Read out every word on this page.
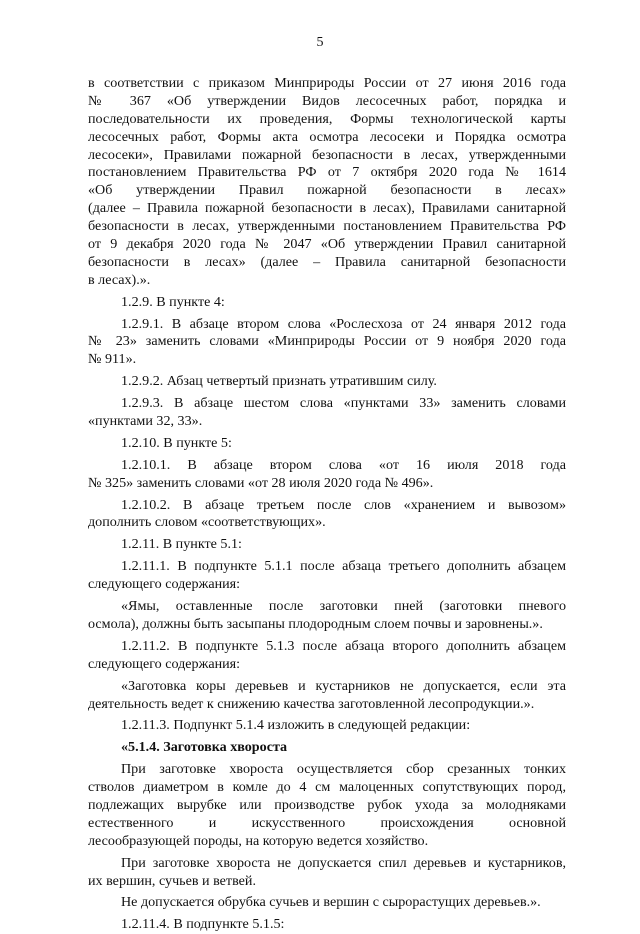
5
в соответствии с приказом Минприроды России от 27 июня 2016 года
№ 367 «Об утверждении Видов лесосечных работ, порядка и
последовательности их проведения, Формы технологической карты
лесосечных работ, Формы акта осмотра лесосеки и Порядка осмотра
лесосеки», Правилами пожарной безопасности в лесах, утвержденными
постановлением Правительства РФ от 7 октября 2020 года № 1614
«Об утверждении Правил пожарной безопасности в лесах»
(далее – Правила пожарной безопасности в лесах), Правилами санитарной
безопасности в лесах, утвержденными постановлением Правительства РФ
от 9 декабря 2020 года № 2047 «Об утверждении Правил санитарной
безопасности в лесах» (далее – Правила санитарной безопасности
в лесах).».
1.2.9. В пункте 4:
1.2.9.1. В абзаце втором слова «Рослесхоза от 24 января 2012 года
№ 23» заменить словами «Минприроды России от 9 ноября 2020 года
№ 911».
1.2.9.2. Абзац четвертый признать утратившим силу.
1.2.9.3. В абзаце шестом слова «пунктами 33» заменить словами
«пунктами 32, 33».
1.2.10. В пункте 5:
1.2.10.1. В абзаце втором слова «от 16 июля 2018 года
№ 325» заменить словами «от 28 июля 2020 года № 496».
1.2.10.2. В абзаце третьем после слов «хранением и вывозом»
дополнить словом «соответствующих».
1.2.11. В пункте 5.1:
1.2.11.1. В подпункте 5.1.1 после абзаца третьего дополнить абзацем
следующего содержания:
«Ямы, оставленные после заготовки пней (заготовки пневого
осмола), должны быть засыпаны плодородным слоем почвы и заровнены.».
1.2.11.2. В подпункте 5.1.3 после абзаца второго дополнить абзацем
следующего содержания:
«Заготовка коры деревьев и кустарников не допускается, если эта
деятельность ведет к снижению качества заготовленной лесопродукции.».
1.2.11.3. Подпункт 5.1.4 изложить в следующей редакции:
«5.1.4. Заготовка хвороста
При заготовке хвороста осуществляется сбор срезанных тонких
стволов диаметром в комле до 4 см малоценных сопутствующих пород,
подлежащих вырубке или производстве рубок ухода за молодняками
естественного и искусственного происхождения основной
лесообразующей породы, на которую ведется хозяйство.
При заготовке хвороста не допускается спил деревьев и кустарников,
их вершин, сучьев и ветвей.
Не допускается обрубка сучьев и вершин с сырорастущих деревьев.».
1.2.11.4. В подпункте 5.1.5:
